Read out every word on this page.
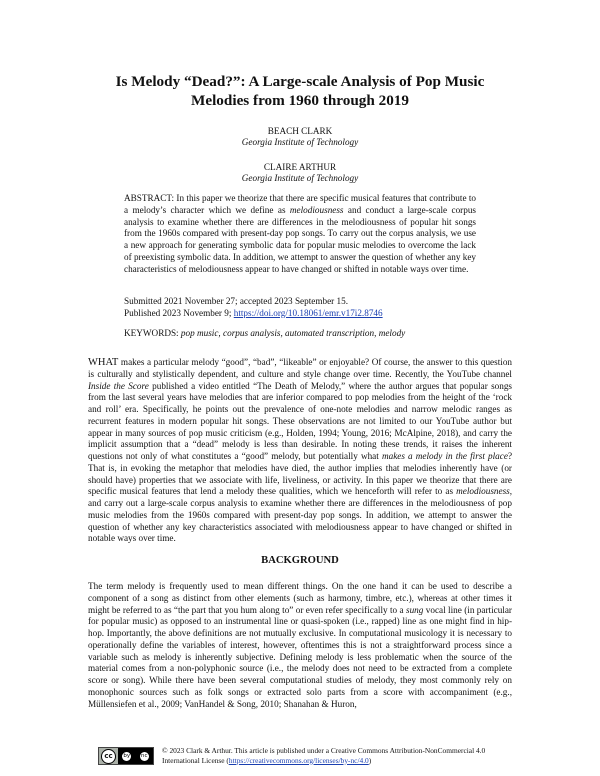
Is Melody “Dead?”: A Large-scale Analysis of Pop Music
Melodies from 1960 through 2019
BEACH CLARK
Georgia Institute of Technology
CLAIRE ARTHUR
Georgia Institute of Technology
ABSTRACT: In this paper we theorize that there are specific musical features that contribute to a melody’s character which we define as melodiousness and conduct a large-scale corpus analysis to examine whether there are differences in the melodiousness of popular hit songs from the 1960s compared with present-day pop songs. To carry out the corpus analysis, we use a new approach for generating symbolic data for popular music melodies to overcome the lack of preexisting symbolic data. In addition, we attempt to answer the question of whether any key characteristics of melodiousness appear to have changed or shifted in notable ways over time.
Submitted 2021 November 27; accepted 2023 September 15.
Published 2023 November 9; https://doi.org/10.18061/emr.v17i2.8746
KEYWORDS: pop music, corpus analysis, automated transcription, melody
WHAT makes a particular melody “good”, “bad”, “likeable” or enjoyable? Of course, the answer to this question is culturally and stylistically dependent, and culture and style change over time. Recently, the YouTube channel Inside the Score published a video entitled “The Death of Melody,” where the author argues that popular songs from the last several years have melodies that are inferior compared to pop melodies from the height of the ‘rock and roll’ era. Specifically, he points out the prevalence of one-note melodies and narrow melodic ranges as recurrent features in modern popular hit songs. These observations are not limited to our YouTube author but appear in many sources of pop music criticism (e.g., Holden, 1994; Young, 2016; McAlpine, 2018), and carry the implicit assumption that a “dead” melody is less than desirable. In noting these trends, it raises the inherent questions not only of what constitutes a “good” melody, but potentially what makes a melody in the first place? That is, in evoking the metaphor that melodies have died, the author implies that melodies inherently have (or should have) properties that we associate with life, liveliness, or activity. In this paper we theorize that there are specific musical features that lend a melody these qualities, which we henceforth will refer to as melodiousness, and carry out a large-scale corpus analysis to examine whether there are differences in the melodiousness of pop music melodies from the 1960s compared with present-day pop songs. In addition, we attempt to answer the question of whether any key characteristics associated with melodiousness appear to have changed or shifted in notable ways over time.
BACKGROUND
The term melody is frequently used to mean different things. On the one hand it can be used to describe a component of a song as distinct from other elements (such as harmony, timbre, etc.), whereas at other times it might be referred to as “the part that you hum along to” or even refer specifically to a sung vocal line (in particular for popular music) as opposed to an instrumental line or quasi-spoken (i.e., rapped) line as one might find in hip-hop. Importantly, the above definitions are not mutually exclusive. In computational musicology it is necessary to operationally define the variables of interest, however, oftentimes this is not a straightforward process since a variable such as melody is inherently subjective. Defining melody is less problematic when the source of the material comes from a non-polyphonic source (i.e., the melody does not need to be extracted from a complete score or song). While there have been several computational studies of melody, they most commonly rely on monophonic sources such as folk songs or extracted solo parts from a score with accompaniment (e.g., Müllensiefen et al., 2009; VanHandel & Song, 2010; Shanahan & Huron,
cc	by nc
© 2023 Clark & Arthur. This article is published under a Creative Commons Attribution-NonCommercial 4.0 International License (https://creativecommons.org/licenses/by-nc/4.0)
